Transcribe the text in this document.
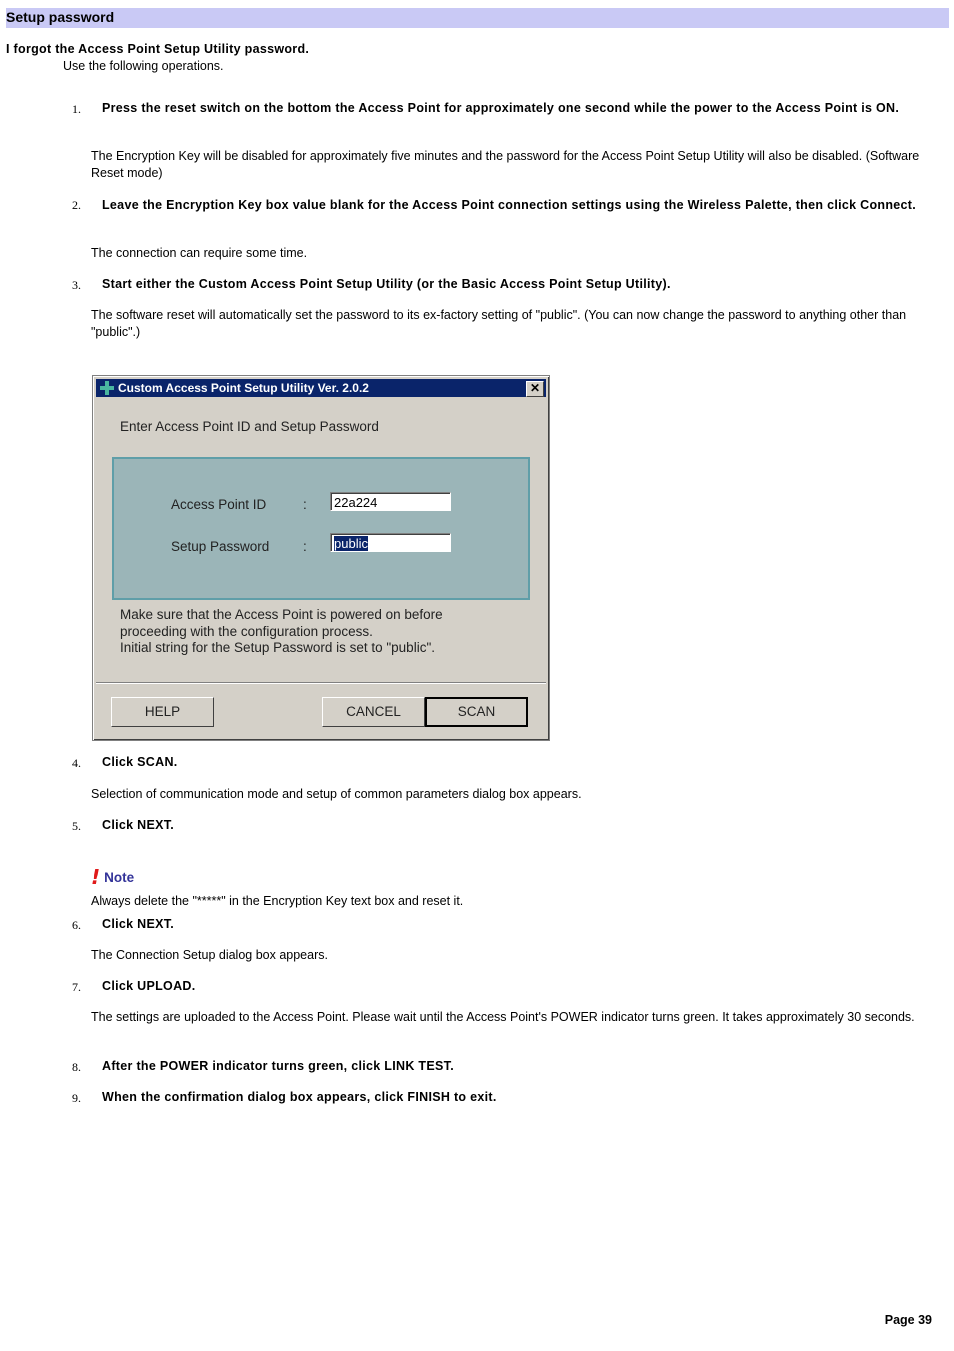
Setup password
I forgot the Access Point Setup Utility password.
Use the following operations.
1.	Press the reset switch on the bottom the Access Point for approximately one second while the power to the Access Point is ON.
The Encryption Key will be disabled for approximately five minutes and the password for the Access Point Setup Utility will also be disabled. (Software Reset mode)
2.	Leave the Encryption Key box value blank for the Access Point connection settings using the Wireless Palette, then click Connect.
The connection can require some time.
3.	Start either the Custom Access Point Setup Utility (or the Basic Access Point Setup Utility).
The software reset will automatically set the password to its ex-factory setting of "public". (You can now change the password to anything other than "public".)
Custom Access Point Setup Utility Ver. 2.0.2	✕
Enter Access Point ID and Setup Password
Access Point ID	:	22a224
Setup Password :	public
Make sure that the Access Point is powered on before
proceeding with the configuration process.
Initial string for the Setup Password is set to "public".
HELP	CANCEL	SCAN
4.	Click SCAN.
Selection of communication mode and setup of common parameters dialog box appears.
5.	Click NEXT.
! Note
Always delete the "*****" in the Encryption Key text box and reset it.
6.	Click NEXT.
The Connection Setup dialog box appears.
7.	Click UPLOAD.
The settings are uploaded to the Access Point. Please wait until the Access Point's POWER indicator turns green. It takes approximately 30 seconds.
8.	After the POWER indicator turns green, click LINK TEST.
9.	When the confirmation dialog box appears, click FINISH to exit.
Page 39
